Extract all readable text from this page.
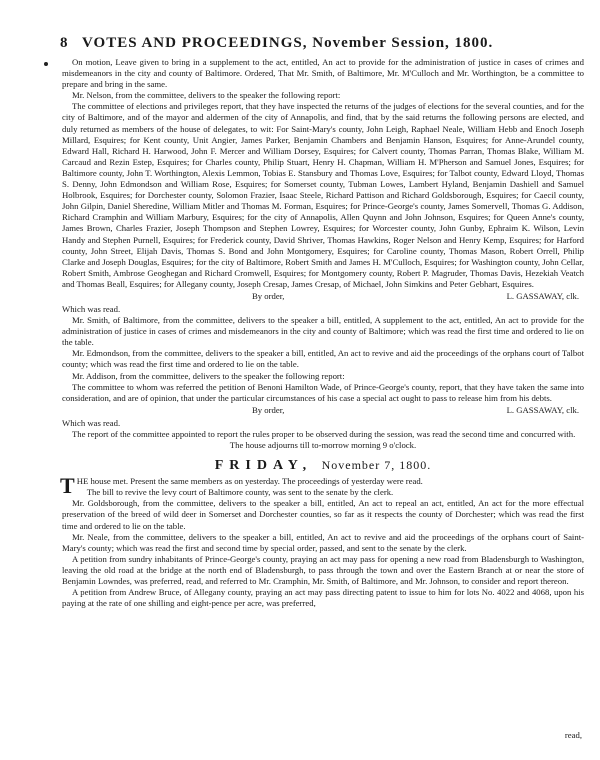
8 VOTES AND PROCEEDINGS, November Session, 1800.

On motion, Leave given to bring in a supplement to the act, entitled, An act to provide for the administration of justice in cases of crimes and misdemeanors in the city and county of Baltimore. Ordered, That Mr. Smith, of Baltimore, Mr. M'Culloch and Mr. Worthington, be a committee to prepare and bring in the same.

Mr. Nelson, from the committee, delivers to the speaker the following report:

The committee of elections and privileges report, that they have inspected the returns of the judges of elections for the several counties, and for the city of Baltimore, and of the mayor and aldermen of the city of Annapolis, and find, that by the said returns the following persons are elected, and duly returned as members of the house of delegates, to wit: For Saint-Mary's county, John Leigh, Raphael Neale, William Hebb and Enoch Joseph Millard, Esquires; for Kent county, Unit Angier, James Parker, Benjamin Chambers and Benjamin Hanson, Esquires; for Anne-Arundel county, Edward Hall, Richard H. Harwood, John F. Mercer and William Dorsey, Esquires; for Calvert county, Thomas Parran, Thomas Blake, William M. Carcaud and Rezin Estep, Esquires; for Charles county, Philip Stuart, Henry H. Chapman, William H. M'Pherson and Samuel Jones, Esquires; for Baltimore county, John T. Worthington, Alexis Lemmon, Tobias E. Stansbury and Thomas Love, Esquires; for Talbot county, Edward Lloyd, Thomas S. Denny, John Edmondson and William Rose, Esquires; for Somerset county, Tubman Lowes, Lambert Hyland, Benjamin Dashiell and Samuel Holbrook, Esquires; for Dorchester county, Solomon Frazier, Isaac Steele, Richard Pattison and Richard Goldsborough, Esquires; for Caecil county, John Gilpin, Daniel Sheredine, William Mitler and Thomas M. Forman, Esquires; for Prince-George's county, James Somervell, Thomas G. Addison, Richard Cramphin and William Marbury, Esquires; for the city of Annapolis, Allen Quynn and John Johnson, Esquires; for Queen Anne's county, James Brown, Charles Frazier, Joseph Thompson and Stephen Lowrey, Esquires; for Worcester county, John Gunby, Ephraim K. Wilson, Levin Handy and Stephen Purnell, Esquires; for Frederick county, David Shriver, Thomas Hawkins, Roger Nelson and Henry Kemp, Esquires; for Harford county, John Street, Elijah Davis, Thomas S. Bond and John Montgomery, Esquires; for Caroline county, Thomas Mason, Robert Orrell, Philip Clarke and Joseph Douglas, Esquires; for the city of Baltimore, Robert Smith and James H. M'Culloch, Esquires; for Washington county, John Cellar, Robert Smith, Ambrose Geoghegan and Richard Cromwell, Esquires; for Montgomery county, Robert P. Magruder, Thomas Davis, Hezekiah Veatch and Thomas Beall, Esquires; for Allegany county, Joseph Cresap, James Cresap, of Michael, John Simkins and Peter Gebhart, Esquires.

By order,	L. GASSAWAY, clk.

Which was read.

Mr. Smith, of Baltimore, from the committee, delivers to the speaker a bill, entitled, A supplement to the act, entitled, An act to provide for the administration of justice in cases of crimes and misdemeanors in the city and county of Baltimore; which was read the first time and ordered to lie on the table.

Mr. Edmondson, from the committee, delivers to the speaker a bill, entitled, An act to revive and aid the proceedings of the orphans court of Talbot county; which was read the first time and ordered to lie on the table.

Mr. Addison, from the committee, delivers to the speaker the following report:

The committee to whom was referred the petition of Benoni Hamilton Wade, of Prince-George's county, report, that they have taken the same into consideration, and are of opinion, that under the particular circumstances of his case a special act ought to pass to release him from his debts.

By order,	L. GASSAWAY, clk.

Which was read.

The report of the committee appointed to report the rules proper to be observed during the session, was read the second time and concurred with.

The house adjourns till to-morrow morning 9 o'clock.

FRIDAY, November 7, 1800.

THE house met. Present the same members as on yesterday. The proceedings of yesterday were read.

The bill to revive the levy court of Baltimore county, was sent to the senate by the clerk.

Mr. Goldsborough, from the committee, delivers to the speaker a bill, entitled, An act to repeal an act, entitled, An act for the more effectual preservation of the breed of wild deer in Somerset and Dorchester counties, so far as it respects the county of Dorchester; which was read the first time and ordered to lie on the table.

Mr. Neale, from the committee, delivers to the speaker a bill, entitled, An act to revive and aid the proceedings of the orphans court of Saint-Mary's county; which was read the first and second time by special order, passed, and sent to the senate by the clerk.

A petition from sundry inhabitants of Prince-George's county, praying an act may pass for opening a new road from Bladensburgh to Washington, leaving the old road at the bridge at the north end of Bladensburgh, to pass through the town and over the Eastern Branch at or near the store of Benjamin Lowndes, was preferred, read, and referred to Mr. Cramphin, Mr. Smith, of Baltimore, and Mr. Johnson, to consider and report thereon.

A petition from Andrew Bruce, of Allegany county, praying an act may pass directing patent to issue to him for lots No. 4022 and 4068, upon his paying at the rate of one shilling and eight-pence per acre, was preferred,

read,
